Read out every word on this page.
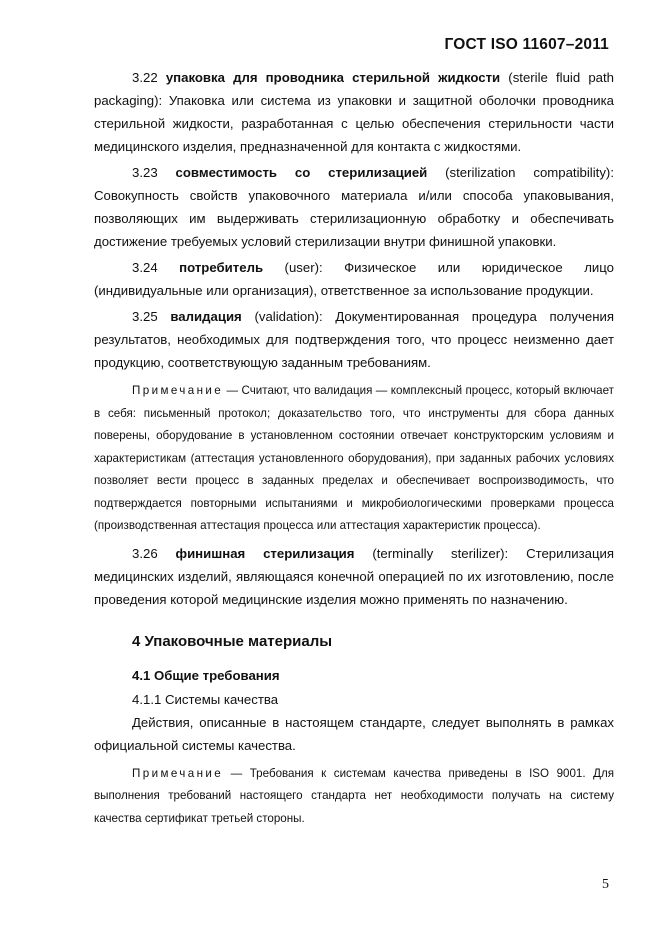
ГОСТ ISO 11607–2011

3.22 упаковка для проводника стерильной жидкости (sterile fluid path packaging): Упаковка или система из упаковки и защитной оболочки проводника стерильной жидкости, разработанная с целью обеспечения стерильности части медицинского изделия, предназначенной для контакта с жидкостями.

3.23 совместимость со стерилизацией (sterilization compatibility): Совокупность свойств упаковочного материала и/или способа упаковывания, позволяющих им выдерживать стерилизационную обработку и обеспечивать достижение требуемых условий стерилизации внутри финишной упаковки.

3.24 потребитель (user): Физическое или юридическое лицо (индивидуальные или организация), ответственное за использование продукции.

3.25 валидация (validation): Документированная процедура получения результатов, необходимых для подтверждения того, что процесс неизменно дает продукцию, соответствующую заданным требованиям.

Примечание — Считают, что валидация — комплексный процесс, который включает в себя: письменный протокол; доказательство того, что инструменты для сбора данных поверены, оборудование в установленном состоянии отвечает конструкторским условиям и характеристикам (аттестация установленного оборудования), при заданных рабочих условиях позволяет вести процесс в заданных пределах и обеспечивает воспроизводимость, что подтверждается повторными испытаниями и микробиологическими проверками процесса (производственная аттестация процесса или аттестация характеристик процесса).

3.26 финишная стерилизация (terminally sterilizer): Стерилизация медицинских изделий, являющаяся конечной операцией по их изготовлению, после проведения которой медицинские изделия можно применять по назначению.

4 Упаковочные материалы
4.1 Общие требования
4.1.1 Системы качества

Действия, описанные в настоящем стандарте, следует выполнять в рамках официальной системы качества.

Примечание — Требования к системам качества приведены в ISO 9001. Для выполнения требований настоящего стандарта нет необходимости получать на систему качества сертификат третьей стороны.

5
